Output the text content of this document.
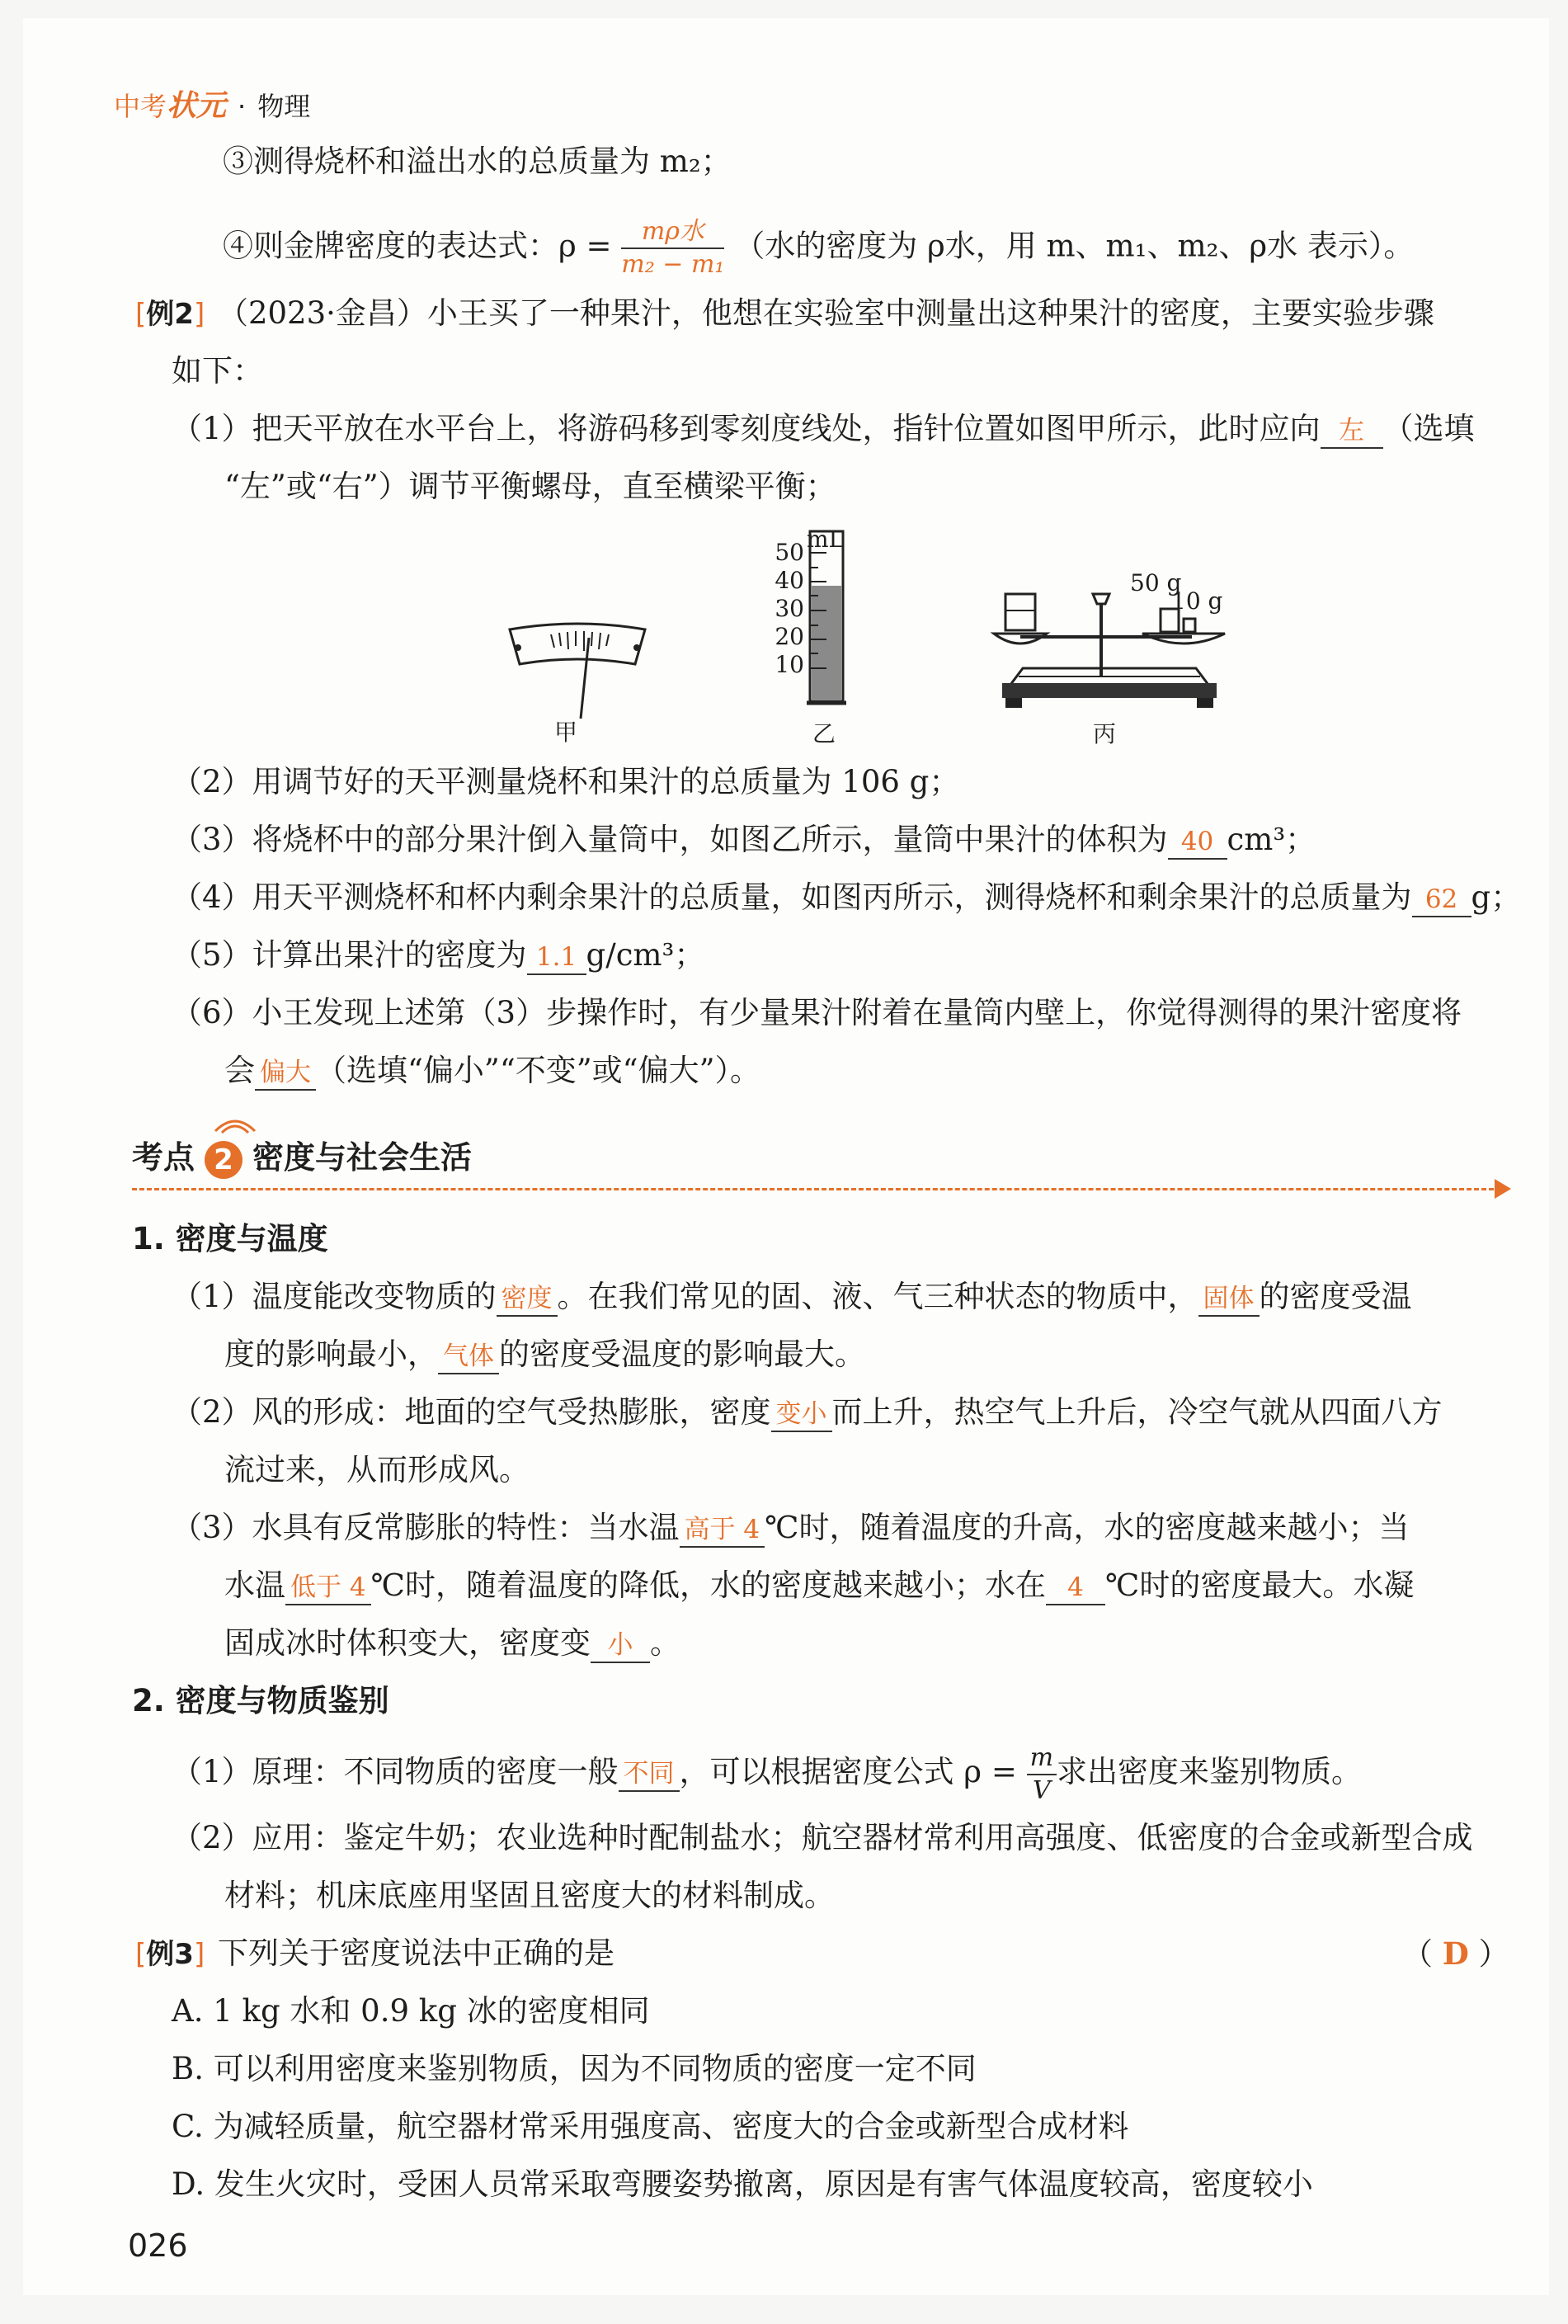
中考状元 · 物理
③测得烧杯和溢出水的总质量为 m₂；
④则金牌密度的表达式：$\rho = \frac{\text{mρ水}}{\text{m₂ − m₁}}$ （水的密度为 ρ水，用 m、m₁、m₂、ρ水 表示）。
[例2] （2023·金昌）小王买了一种果汁，他想在实验室中测量出这种果汁的密度，主要实验步骤
如下：
（1）把天平放在水平台上，将游码移到零刻度线处，指针位置如图甲所示，此时应向 左 （选填
“左”或“右”）调节平衡螺母，直至横梁平衡；
甲
mL
50
40
30
20
10
乙
50 g
10 g
丙
（2）用调节好的天平测量烧杯和果汁的总质量为 106 g；
（3）将烧杯中的部分果汁倒入量筒中，如图乙所示，量筒中果汁的体积为 40 cm³；
（4）用天平测烧杯和杯内剩余果汁的总质量，如图丙所示，测得烧杯和剩余果汁的总质量为 62 g；
（5）计算出果汁的密度为 1.1 g/cm³；
（6）小王发现上述第（3）步操作时，有少量果汁附着在量筒内壁上，你觉得测得的果汁密度将
会 偏大 （选填“偏小”“不变”或“偏大”）。
考点 2 密度与社会生活
1. 密度与温度
（1）温度能改变物质的 密度 。在我们常见的固、液、气三种状态的物质中， 固体 的密度受温
度的影响最小， 气体 的密度受温度的影响最大。
（2）风的形成：地面的空气受热膨胀，密度 变小 而上升，热空气上升后，冷空气就从四面八方
流过来，从而形成风。
（3）水具有反常膨胀的特性：当水温 高于 4 ℃时，随着温度的升高，水的密度越来越小；当
水温 低于 4 ℃时，随着温度的降低，水的密度越来越小；水在 4 ℃时的密度最大。水凝
固成冰时体积变大，密度变 小 。
2. 密度与物质鉴别
（1）原理：不同物质的密度一般 不同 ，可以根据密度公式 $\rho = \frac{m}{V}$ 求出密度来鉴别物质。
（2）应用：鉴定牛奶；农业选种时配制盐水；航空器材常利用高强度、低密度的合金或新型合成
材料；机床底座用坚固且密度大的材料制成。
[例3] 下列关于密度说法中正确的是	（ D ）
A. 1 kg 水和 0.9 kg 冰的密度相同
B. 可以利用密度来鉴别物质，因为不同物质的密度一定不同
C. 为减轻质量，航空器材常采用强度高、密度大的合金或新型合成材料
D. 发生火灾时，受困人员常采取弯腰姿势撤离，原因是有害气体温度较高，密度较小
026
